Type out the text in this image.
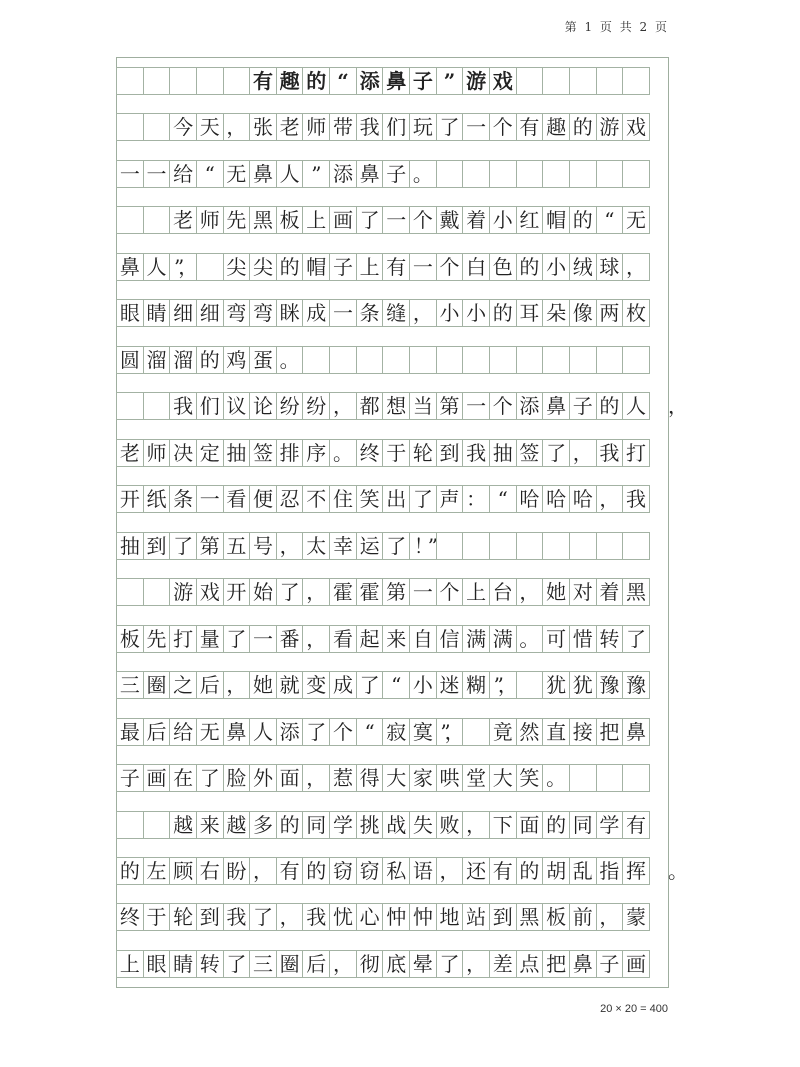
第 1 页 共 2 页
有 趣 的 “ 添 鼻 子 ” 游 戏
今 天 ， 张 老 师 带 我 们 玩 了 一 个 有 趣 的 游 戏
一 一 给 “ 无 鼻 人 ” 添 鼻 子 。
老 师 先 黑 板 上 画 了 一 个 戴 着 小 红 帽 的 “ 无
鼻 人 ”， 尖 尖 的 帽 子 上 有 一 个 白 色 的 小 绒 球 ，
眼 睛 细 细 弯 弯 眯 成 一 条 缝 ， 小 小 的 耳 朵 像 两 枚
圆 溜 溜 的 鸡 蛋 。
我 们 议 论 纷 纷 ， 都 想 当 第 一 个 添 鼻 子 的 人 ，
老 师 决 定 抽 签 排 序 。 终 于 轮 到 我 抽 签 了 ， 我 打
开 纸 条 一 看 便 忍 不 住 笑 出 了 声 ： “ 哈 哈 哈 ， 我
抽 到 了 第 五 号 ， 太 幸 运 了 ！”
游 戏 开 始 了 ， 霍 霍 第 一 个 上 台 ， 她 对 着 黑
板 先 打 量 了 一 番 ， 看 起 来 自 信 满 满 。 可 惜 转 了
三 圈 之 后 ， 她 就 变 成 了 “ 小 迷 糊 ”， 犹 犹 豫 豫
最 后 给 无 鼻 人 添 了 个 “ 寂 寞 ”， 竟 然 直 接 把 鼻
子 画 在 了 脸 外 面 ， 惹 得 大 家 哄 堂 大 笑 。
越 来 越 多 的 同 学 挑 战 失 败 ， 下 面 的 同 学 有
的 左 顾 右 盼 ， 有 的 窃 窃 私 语 ， 还 有 的 胡 乱 指 挥 。
终 于 轮 到 我 了 ， 我 忧 心 忡 忡 地 站 到 黑 板 前 ， 蒙
上 眼 睛 转 了 三 圈 后 ， 彻 底 晕 了 ， 差 点 把 鼻 子 画
20 × 20 = 400
